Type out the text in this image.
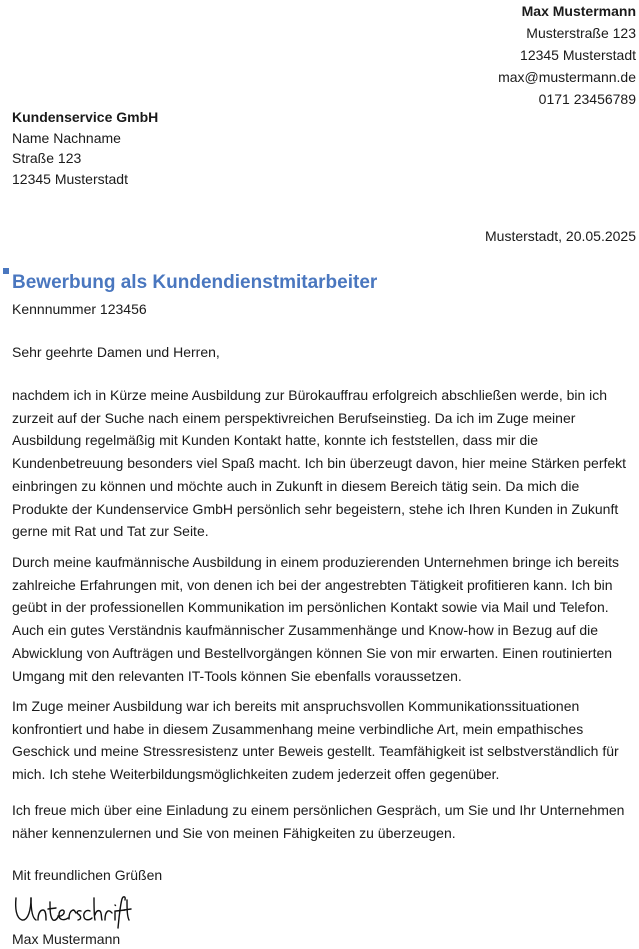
Max Mustermann
Musterstraße 123
12345 Musterstadt
max@mustermann.de
0171 23456789
Kundenservice GmbH
Name Nachname
Straße 123
12345 Musterstadt
Musterstadt, 20.05.2025
Bewerbung als Kundendienstmitarbeiter
Kennnummer 123456
Sehr geehrte Damen und Herren,

nachdem ich in Kürze meine Ausbildung zur Bürokauffrau erfolgreich abschließen werde, bin ich zurzeit auf der Suche nach einem perspektivreichen Berufseinstieg. Da ich im Zuge meiner Ausbildung regelmäßig mit Kunden Kontakt hatte, konnte ich feststellen, dass mir die Kundenbetreuung besonders viel Spaß macht. Ich bin überzeugt davon, hier meine Stärken perfekt einbringen zu können und möchte auch in Zukunft in diesem Bereich tätig sein. Da mich die Produkte der Kundenservice GmbH persönlich sehr begeistern, stehe ich Ihren Kunden in Zukunft gerne mit Rat und Tat zur Seite.

Durch meine kaufmännische Ausbildung in einem produzierenden Unternehmen bringe ich bereits zahlreiche Erfahrungen mit, von denen ich bei der angestrebten Tätigkeit profitieren kann. Ich bin geübt in der professionellen Kommunikation im persönlichen Kontakt sowie via Mail und Telefon. Auch ein gutes Verständnis kaufmännischer Zusammenhänge und Know-how in Bezug auf die Abwicklung von Aufträgen und Bestellvorgängen können Sie von mir erwarten. Einen routinierten Umgang mit den relevanten IT-Tools können Sie ebenfalls voraussetzen.

Im Zuge meiner Ausbildung war ich bereits mit anspruchsvollen Kommunikationssituationen konfrontiert und habe in diesem Zusammenhang meine verbindliche Art, mein empathisches Geschick und meine Stressresistenz unter Beweis gestellt. Teamfähigkeit ist selbstverständlich für mich. Ich stehe Weiterbildungsmöglichkeiten zudem jederzeit offen gegenüber.

Ich freue mich über eine Einladung zu einem persönlichen Gespräch, um Sie und Ihr Unternehmen näher kennenzulernen und Sie von meinen Fähigkeiten zu überzeugen.

Mit freundlichen Grüßen
Max Mustermann
